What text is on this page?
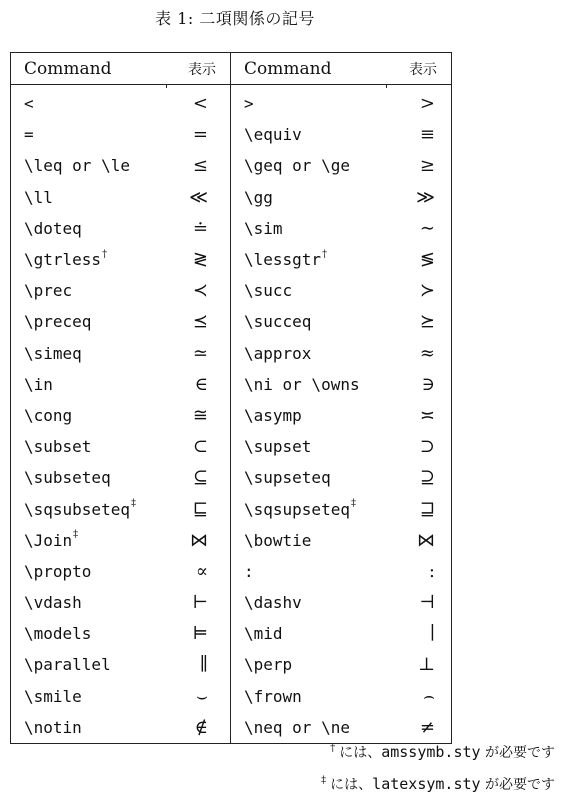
表 1: 二項関係の記号
Command	表示	Command	表示

<	<	>	>
=	=	\equiv	≡
\leq or \le	≤	\geq or \ge	≥
\ll	≪	\gg	≫
\doteq	≐	\sim	∼
\gtrless†	≷	\lessgtr†	≶
\prec	≺	\succ	≻
\preceq	⪯	\succeq	⪰
\simeq	≃	\approx	≈
\in	∈	\ni or \owns	∋
\cong	≅	\asymp	≍
\subset	⊂	\supset	⊃
\subseteq	⊆	\supseteq	⊇
\sqsubseteq‡	⊑	\sqsupseteq‡	⊒
\Join‡	⋈	\bowtie	⋈
\propto	∝	:	:
\vdash	⊢	\dashv	⊣
\models	⊨	\mid	∣
\parallel	∥	\perp	⊥
\smile	⌣	\frown	⌢
\notin	∉	\neq or \ne	≠
† には、amssymb.sty が必要です
‡ には、latexsym.sty が必要です
